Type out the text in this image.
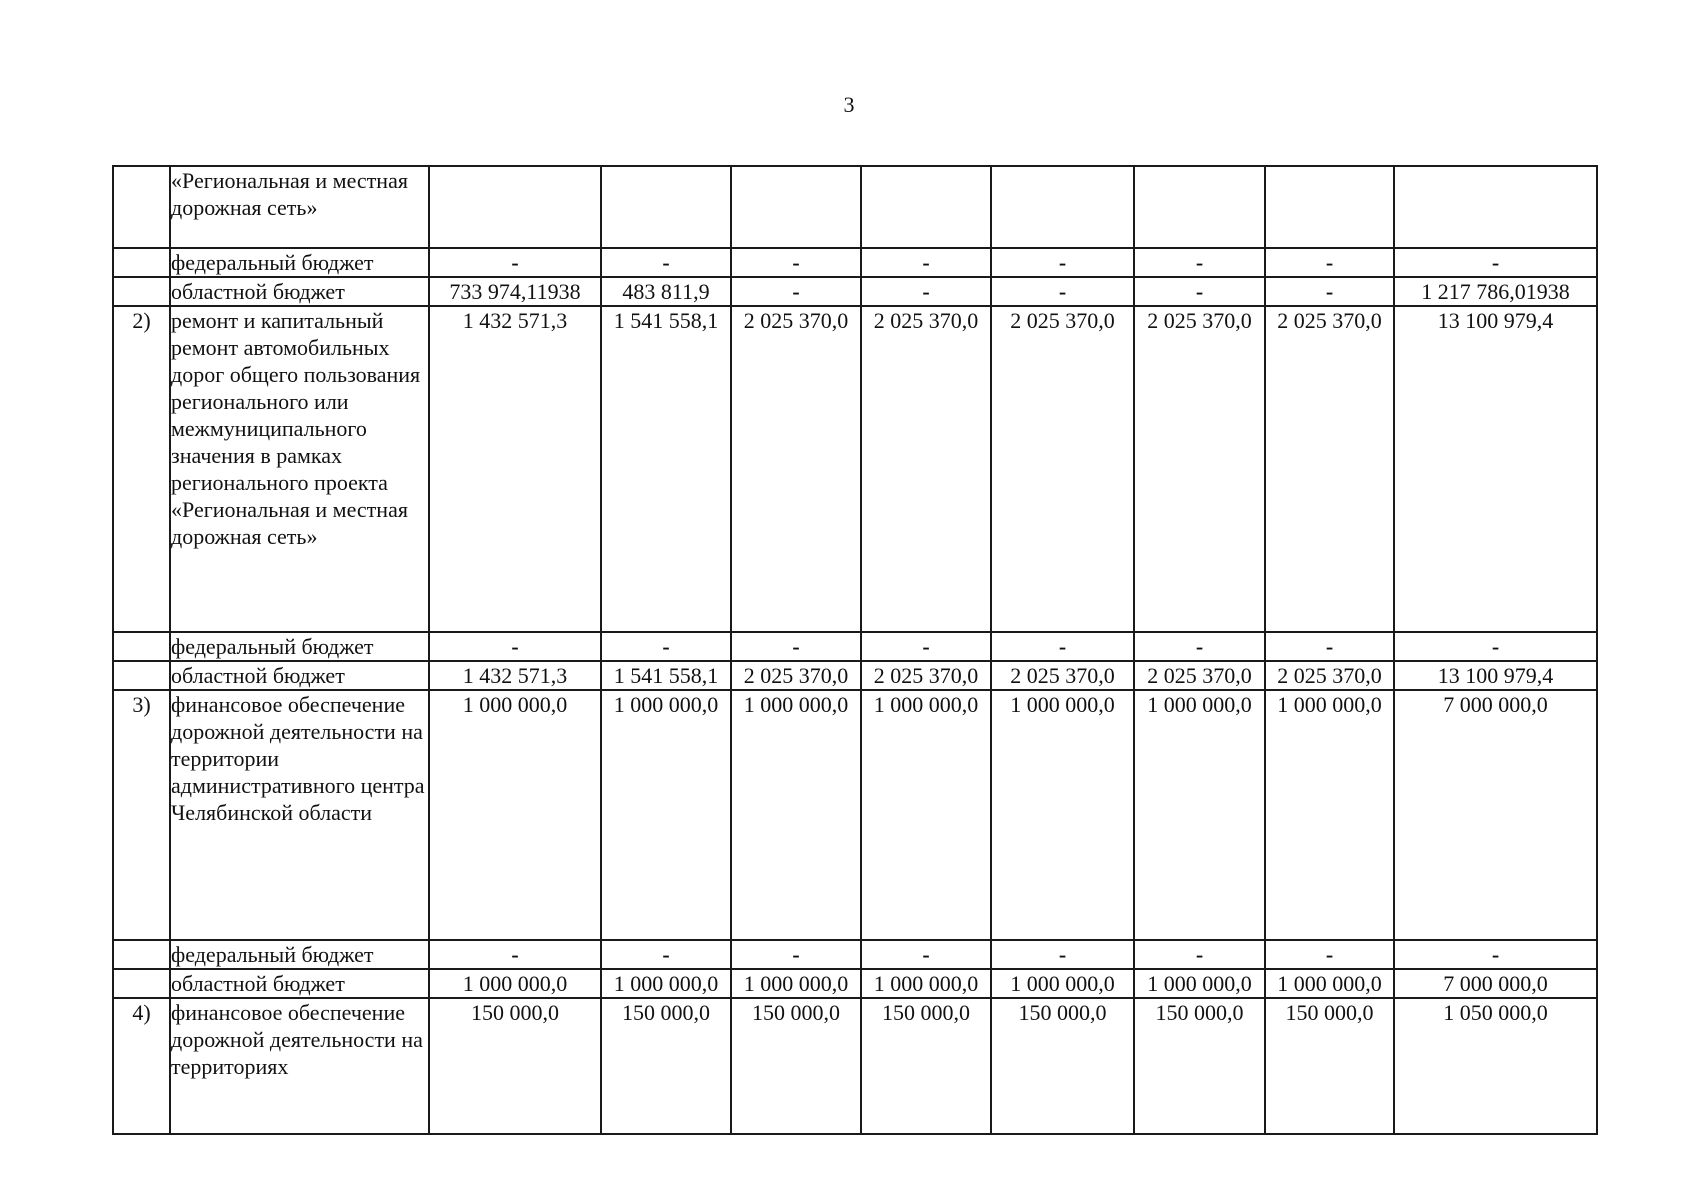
3
	«Региональная и местная дорожная сеть»								
	федеральный бюджет	-	-	-	-	-	-	-	-
	областной бюджет	733 974,11938	483 811,9	-	-	-	-	-	1 217 786,01938
2)	ремонт и капитальный ремонт автомобильных дорог общего пользования регионального или межмуниципального значения в рамках регионального проекта «Региональная и местная дорожная сеть»	1 432 571,3	1 541 558,1	2 025 370,0	2 025 370,0	2 025 370,0	2 025 370,0	2 025 370,0	13 100 979,4
	федеральный бюджет	-	-	-	-	-	-	-	-
	областной бюджет	1 432 571,3	1 541 558,1	2 025 370,0	2 025 370,0	2 025 370,0	2 025 370,0	2 025 370,0	13 100 979,4
3)	финансовое обеспечение дорожной деятельности на территории административного центра Челябинской области	1 000 000,0	1 000 000,0	1 000 000,0	1 000 000,0	1 000 000,0	1 000 000,0	1 000 000,0	7 000 000,0
	федеральный бюджет	-	-	-	-	-	-	-	-
	областной бюджет	1 000 000,0	1 000 000,0	1 000 000,0	1 000 000,0	1 000 000,0	1 000 000,0	1 000 000,0	7 000 000,0
4)	финансовое обеспечение дорожной деятельности на территориях	150 000,0	150 000,0	150 000,0	150 000,0	150 000,0	150 000,0	150 000,0	1 050 000,0
